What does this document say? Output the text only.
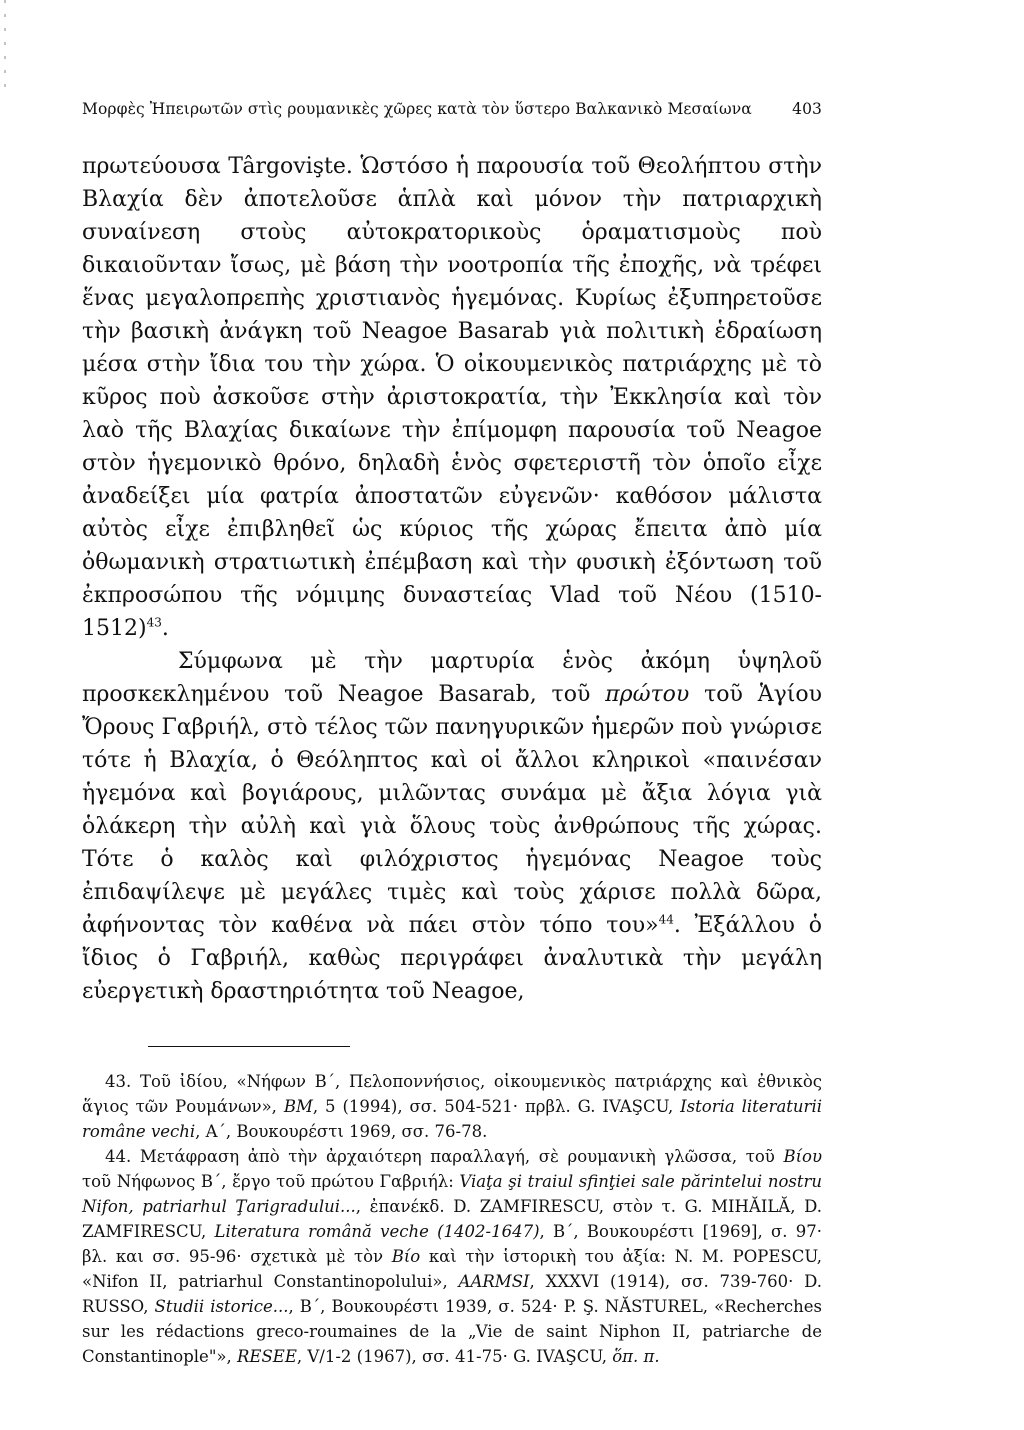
Μορφὲς Ἠπειρωτῶν στὶς ρουμανικὲς χῶρες κατὰ τὸν ὕστερο Βαλκανικὸ Μεσαίωνα	403

πρωτεύουσα Târgovişte. Ὡστόσο ἡ παρουσία τοῦ Θεολήπτου στὴν Βλαχία δὲν ἀποτελοῦσε ἁπλὰ καὶ μόνον τὴν πατριαρχικὴ συναίνεση στοὺς αὐτοκρατορικοὺς ὁραματισμοὺς ποὺ δικαιοῦνταν ἴσως, μὲ βάση τὴν νοοτροπία τῆς ἐποχῆς, νὰ τρέφει ἕνας μεγαλοπρεπὴς χριστιανὸς ἡγεμόνας. Κυρίως ἐξυπηρετοῦσε τὴν βασικὴ ἀνάγκη τοῦ Neagoe Basarab γιὰ πολιτικὴ ἑδραίωση μέσα στὴν ἴδια του τὴν χώρα. Ὁ οἰκουμενικὸς πατριάρχης μὲ τὸ κῦρος ποὺ ἀσκοῦσε στὴν ἀριστοκρατία, τὴν Ἐκκλησία καὶ τὸν λαὸ τῆς Βλαχίας δικαίωνε τὴν ἐπίμομφη παρουσία τοῦ Neagoe στὸν ἡγεμονικὸ θρόνο, δηλαδὴ ἑνὸς σφετεριστῆ τὸν ὁποῖο εἶχε ἀναδείξει μία φατρία ἀποστατῶν εὐγενῶν· καθόσον μάλιστα αὐτὸς εἶχε ἐπιβληθεῖ ὡς κύριος τῆς χώρας ἔπειτα ἀπὸ μία ὀθωμανικὴ στρατιωτικὴ ἐπέμβαση καὶ τὴν φυσικὴ ἐξόντωση τοῦ ἐκπροσώπου τῆς νόμιμης δυναστείας Vlad τοῦ Νέου (1510-1512)$^{43}$.

Σύμφωνα μὲ τὴν μαρτυρία ἑνὸς ἀκόμη ὑψηλοῦ προσκεκλημένου τοῦ Neagoe Basarab, τοῦ πρώτου τοῦ Ἁγίου Ὄρους Γαβριήλ, στὸ τέλος τῶν πανηγυρικῶν ἡμερῶν ποὺ γνώρισε τότε ἡ Βλαχία, ὁ Θεόληπτος καὶ οἱ ἄλλοι κληρικοὶ «παινέσαν ἡγεμόνα καὶ βογιάρους, μιλῶντας συνάμα μὲ ἄξια λόγια γιὰ ὁλάκερη τὴν αὐλὴ καὶ γιὰ ὅλους τοὺς ἀνθρώπους τῆς χώρας. Τότε ὁ καλὸς καὶ φιλόχριστος ἡγεμόνας Neagoe τοὺς ἐπιδαψίλεψε μὲ μεγάλες τιμὲς καὶ τοὺς χάρισε πολλὰ δῶρα, ἀφήνοντας τὸν καθένα νὰ πάει στὸν τόπο του»$^{44}$. Ἐξάλλου ὁ ἴδιος ὁ Γαβριήλ, καθὼς περιγράφει ἀναλυτικὰ τὴν μεγάλη εὐεργετικὴ δραστηριότητα τοῦ Neagoe,

43. Τοῦ ἰδίου, «Νήφων Β΄, Πελοποννήσιος, οἰκουμενικὸς πατριάρχης καὶ ἐθνικὸς ἅγιος τῶν Ρουμάνων», BM, 5 (1994), σσ. 504-521· πρβλ. G. IVAŞCU, Istoria literaturii române vechi, Α΄, Βουκουρέστι 1969, σσ. 76-78.

44. Μετάφραση ἀπὸ τὴν ἀρχαιότερη παραλλαγή, σὲ ρουμανικὴ γλῶσσα, τοῦ Βίου τοῦ Νήφωνος Β΄, ἔργο τοῦ πρώτου Γαβριήλ: Viaţa şi traiul sfinţiei sale părintelui nostru Nifon, patriarhul Ţarigradului..., ἐπανέκδ. D. ZAMFIRESCU, στὸν τ. G. MIHĂILĂ, D. ZAMFIRESCU, Literatura română veche (1402-1647), Β΄, Βουκουρέστι [1969], σ. 97· βλ. και σσ. 95-96· σχετικὰ μὲ τὸν Βίο καὶ τὴν ἱστορικὴ του ἀξία: N. M. POPESCU, «Nifon II, patriarhul Constantinopolului», AARMSI, XXXVI (1914), σσ. 739-760· D. RUSSO, Studii istorice..., Β΄, Βουκουρέστι 1939, σ. 524· P. Ş. NĂSTUREL, «Recherches sur les rédactions greco-roumaines de la „Vie de saint Niphon II, patriarche de Constantinople"», RESEE, V/1-2 (1967), σσ. 41-75· G. IVAŞCU, ὅπ. π.
